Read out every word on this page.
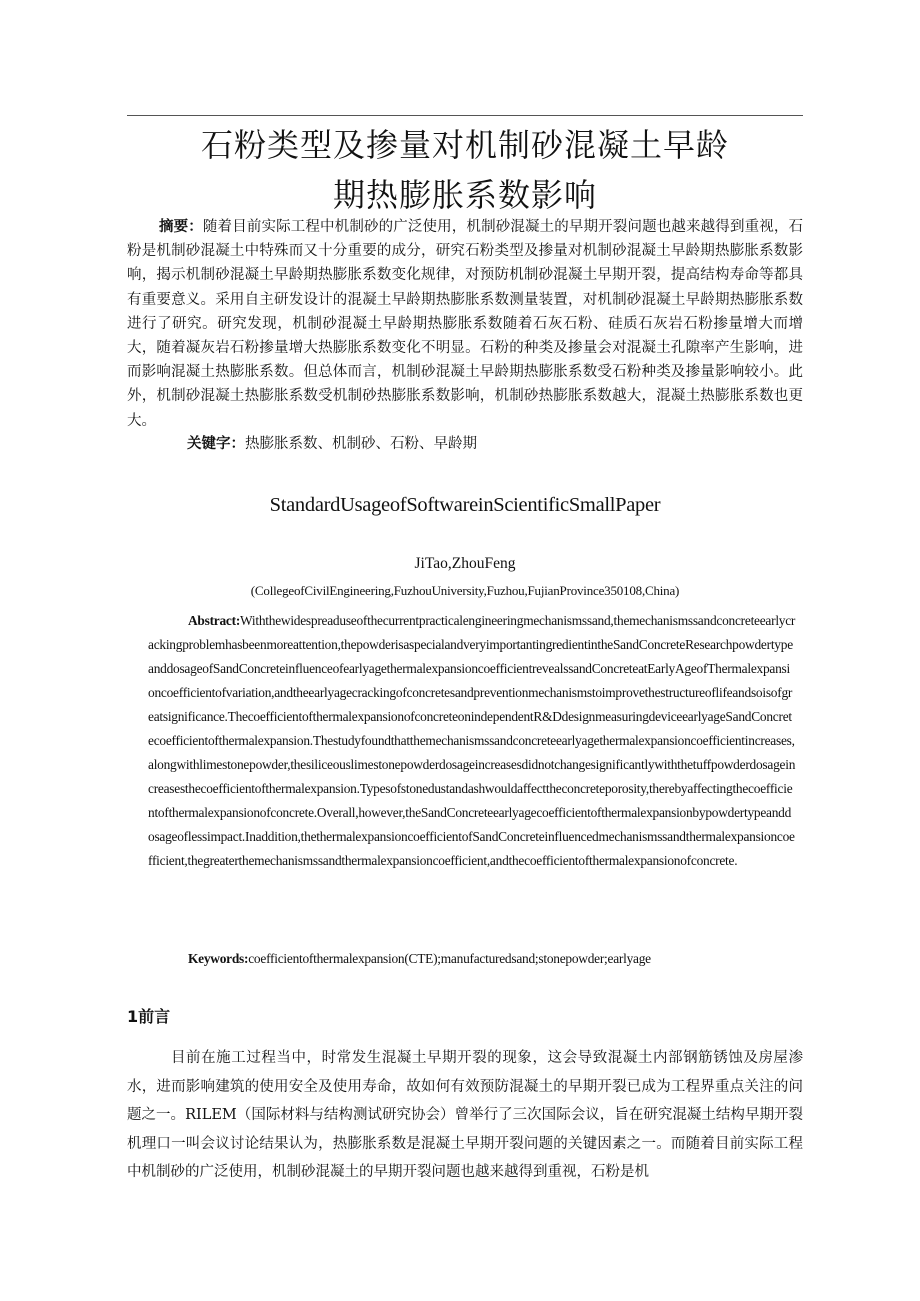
石粉类型及掺量对机制砂混凝土早龄
期热膨胀系数影响

摘要：随着目前实际工程中机制砂的广泛使用，机制砂混凝土的早期开裂问题也越来越得到重视，石粉是机制砂混凝土中特殊而又十分重要的成分，研究石粉类型及掺量对机制砂混凝土早龄期热膨胀系数影响，揭示机制砂混凝土早龄期热膨胀系数变化规律，对预防机制砂混凝土早期开裂，提高结构寿命等都具有重要意义。采用自主研发设计的混凝土早龄期热膨胀系数测量装置，对机制砂混凝土早龄期热膨胀系数进行了研究。研究发现，机制砂混凝土早龄期热膨胀系数随着石灰石粉、硅质石灰岩石粉掺量增大而增大，随着凝灰岩石粉掺量增大热膨胀系数变化不明显。石粉的种类及掺量会对混凝土孔隙率产生影响，进而影响混凝土热膨胀系数。但总体而言，机制砂混凝土早龄期热膨胀系数受石粉种类及掺量影响较小。此外，机制砂混凝土热膨胀系数受机制砂热膨胀系数影响，机制砂热膨胀系数越大，混凝土热膨胀系数也更大。

关键字：热膨胀系数、机制砂、石粉、早龄期

StandardUsageofSoftwareinScientificSmallPaper
JiTao,ZhouFeng
(CollegeofCivilEngineering,FuzhouUniversity,Fuzhou,FujianProvince350108,China)

Abstract:Withthewidespreaduseofthecurrentpracticalengineeringmechanismssand,themechanismssandconcreteearlycrackingproblemhasbeenmoreattention,thepowderisaspecialandveryimportantingredientintheSandConcreteResearchpowdertypeanddosageofSandConcreteinfluenceofearlyagethermalexpansioncoefficientrevealssandConcreteatEarlyAgeofThermalexpansioncoefficientofvariation,andtheearlyagecrackingofconcretesandpreventionmechanismstoimprovethestructureoflifeandsoisofgreatsignificance.ThecoefficientofthermalexpansionofconcreteonindependentR&DdesignmeasuringdeviceearlyageSandConcretecoefficientofthermalexpansion.Thestudyfoundthatthemechanismssandconcreteearlyagethermalexpansioncoefficientincreases,alongwithlimestonepowder,thesiliceouslimestonepowderdosageincreasesdidnotchangesignificantlywiththetuffpowderdosageincreasesthecoefficientofthermalexpansion.Typesofstonedustandashwouldaffecttheconcreteporosity,therebyaffectingthecoefficientofthermalexpansionofconcrete.Overall,however,theSandConcreteearlyagecoefficientofthermalexpansionbypowdertypeanddosageoflessimpact.Inaddition,thethermalexpansioncoefficientofSandConcreteinfluencedmechanismssandthermalexpansioncoefficient,thegreaterthemechanismssandthermalexpansioncoefficient,andthecoefficientofthermalexpansionofconcrete.

Keywords:coefficientofthermalexpansion(CTE);manufacturedsand;stonepowder;earlyage

1前言

目前在施工过程当中，时常发生混凝土早期开裂的现象，这会导致混凝土内部钢筋锈蚀及房屋渗水，进而影响建筑的使用安全及使用寿命，故如何有效预防混凝土的早期开裂已成为工程界重点关注的问题之一。RILEM（国际材料与结构测试研究协会）曾举行了三次国际会议，旨在研究混凝土结构早期开裂机理口一叫会议讨论结果认为，热膨胀系数是混凝土早期开裂问题的关键因素之一。而随着目前实际工程中机制砂的广泛使用，机制砂混凝土的早期开裂问题也越来越得到重视，石粉是机
